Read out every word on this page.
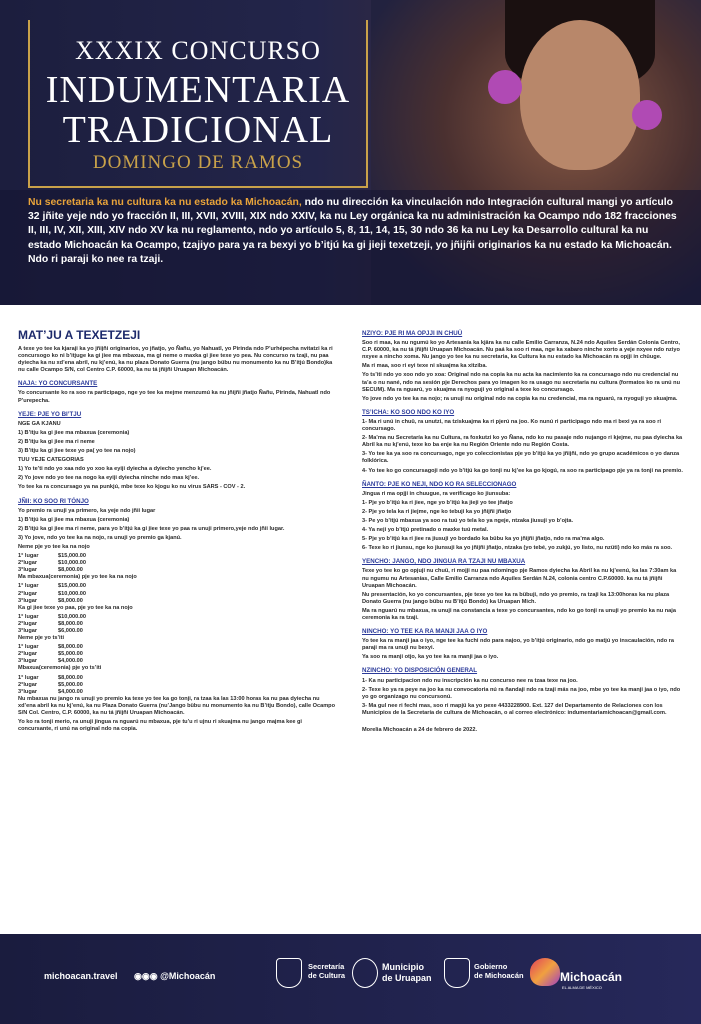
XXXIX CONCURSO
INDUMENTARIA
TRADICIONAL
DOMINGO DE RAMOS
Nu secretaria ka nu cultura ka nu estado ka Michoacán, ndo nu dirección ka vinculación ndo Integración cultural mangi yo artículo 32 jñite yeje ndo yo fracción II, III, XVII, XVIII, XIX ndo XXIV, ka nu Ley orgánica ka nu administración ka Ocampo ndo 182 fracciones II, III, IV, XII, XIII, XIV ndo XV ka nu reglamento, ndo yo artículo 5, 8, 11, 14, 15, 30 ndo 36 ka nu Ley ka Desarrollo cultural ka nu estado Michoacán ka Ocampo, tzajiyo para ya ra bexyi yo b’itjú ka gi jieji texetzeji, yo jñijñi originarios ka nu estado ka Michoacán. Ndo ri paraji ko nee ra tzaji.
MAT’JU A TEXETZEJI
A texe yo tee ka kjaraji ka yo jñijñi originarios, yo jñatjo, yo Ñañu, yo Nahuatl, yo Pirinda ndo P’urhépecha nvitatzi ka ri concursogo ko ni b’itjuge ka gi jiee ma mbaxua, ma gi neme o maxka gi jiee texe yo pea. Nu concurso ra tzaji, nu paa dyiecha ka nu xd’ena abril, nu kj’enú, ka nu plaza Donato Guerra (nu jango bübu nu monumento ka nu B’itjú Bondo)ka nu calle Ocampo S/N, col Centro C.P. 60000, ka nu tá jñijñi Uruapan Michoacán.
NAJA: YO CONCURSANTE
Yo concursante ko ra soo ra participago, nge yo tee ka mejme menzumú ka nu jñijñi jñatjo Ñañu, Pirinda, Nahuatl ndo P’urepecha.
YEJE: PJE YO BI’TJU
NGE GA KJANU
1) B’itju ka gi jiee ma mbaxua (ceremonia)
2) B’itju ka gi jiee ma ri neme
3) B’itju ka gi jiee texe yo pa( yo tee na nojo)
TUU YEJE CATEGORIAS
1) Yo te’ti ndo yo xaa ndo yo xoo ka eyiji dyiecha a dyiecho yencho kj’ee.
2) Yo jove ndo yo tee na nogo ka eyiji dyiecha ninche ndo mas kj’ee.
Yo tee ka ra concursago ya na punkjú, mbe texe ko kjogu ko nu virus SARS - COV - 2.
JÑII: KO SOO RI TÓNJO
Yo premio ra unuji ya primero, ka yeje ndo jñii lugar
1) B’itjú ka gi jiee ma mbaxua (ceremonia)
2) B’itjú ka gi jiee ma ri neme, para yo b’itjú ka gi jiee texe yo paa ra unuji primero,yeje ndo jñii lugar.
3) Yo jove, ndo yo tee ka na nojo, ra unuji yo premio ga kjanú.
Neme pje yo tee ka na nojo
1° lugar	$15,000.00
2°lugar	$10,000.00
3°lugar	$8,000.00
Ma mbaxua(ceremonia) pje yo tee ka na nojo
1° lugar	$15,000.00
2°lugar	$10,000.00
3°lugar	$8,000.00
Ka gi jiee texe yo paa, pje yo tee ka na nojo
1° lugar	$10,000.00
2°lugar	$8,000.00
3°lugar	$6,000.00
Neme pje yo ts’iti
1° lugar	$8,000.00
2°lugar	$5,000.00
3°lugar	$4,000.00
Mbaxua(ceremonia) pje yo ts’iti
1° lugar	$8,000.00
2°lugar	$5,000.00
3°lugar	$4,000.00
Nu mbaxua nu jango ra unuji yo premio ka texe yo tee ka go tonji, ra tzaa ka las 13:00 horas ka nu paa dyiecha nu xd’ena abril ka nu kj’enú, ka nu Plaza Donato Guerra (nu’Jango bübu nu monumento ka nu B’itju Bondo), calle Ocampo S/N Col. Centro, C.P. 60000, ka nu tá jñijñi Uruapan Michoacán.
Yo ko ra tonji merio, ra unuji jingua ra nguarú nu mbaxua, pje tu’u ri ujnu ri skuajma nu jango majma kee gi concursante, ri unú na original ndo na copia.
NZIYO: PJE RI MA OPJJI IN CHUÜ
Soo ri maa, ka nu ngumú ko yo Artesanía ka kjära ka nu calle Emilio Carranza, N.24 ndo Aquiles Serdán Colonia Centro, C.P. 60000, ka nu tá jñijñi Uruapan Michoacán. Nu paá ka soo ri maa, nge ka xabaro ninche xorto a yeje nxyee ndo nziyo nxyee a nincho xoma. Nu jango yo tee ka nu secretaria, ka Cultura ka nu estado ka Michoacán ra opjji in chüuge.
Ma ri maa, soo ri eyi texe ni skuajma ka xitziba.
Yo ts’iti ndo yo xoo ndo yo xoa: Original ndo na copia ka nu acta ka nacimiento ka ra concursago ndo nu credencial nu ta’a o nu nané, ndo na sesión pje Derechos para yo imagen ko ra usago nu secretaria nu cultura (formatos ko ra unú nu SECUM). Ma ra nguarú, yo skuajma ra nyoguji yo original a texe ko concursago.
Yo jove ndo yo tee ka na nojo; ra unuji nu original ndo na copia ka nu credencial, ma ra nguarú, ra nyoguji yo skuajma.
TS’ICHA: KO SOO NDO KO IYO
1- Ma ri unú in chuü, ra unutzi, na tziskuajma ka ri pjerú na joo. Ko nunú ri participago ndo ma ri bexi ya ra soo ri concursago.
2- Ma’ma nu Secretaría ka nu Cultura, ra foxkutzi ko yo Ñana, ndo ko nu pasaje ndo nujango ri kjejme, nu paa dyiecha ka Abril ka nu kj’enú, texe ko ba enje ka nu Región Oriente ndo nu Región Costa.
3- Yo tee ka ya soo ra concursago, nge yo coleccionistas pje yo b’itjú ka yo jñijñi, ndo yo grupo académicos o yo danza folklórica.
4- Yo tee ko go concursagoji ndo yo b’itjú ka go tonji nu kj’ee ka go kjogú, ra soo ra participago pje ya ra tonji na premio.
ÑANTO: PJE KO NEJI, NDO KO RA SELECCIONAGO
Jingua ri ma opjji in chuugue, ra verificago ko jiunsuba:
1- Pje yo b’itjú ka ri jiee, nge yo b’itjú ka jieji yo tee jñatjo
2- Pje yo tela ka ri jiejme, nge ko tebuji ka yo jñijñi jñatjo
3- Pe yo b’itjú mbaxua ya soo ra tuú yo tela ko ya ngeje, ntzaka jiusuji yo b’ojta.
4- Ya neji yo b’itjú pretinado o maxke tuú metal.
5- Pje yo b’itjú ka ri jiee ra jiusuji yo bordado ka bübu ka yo jñijñi jñatjo, ndo ra ma’ma algo.
6- Texe ko ri jiunsu, nge ko jiunsuji ka yo jñijñi jñatjo, ntzaka (yo tebé, yo zukjú, yo listo, nu nzüti) ndo ko más ra soo.
YENCHO: JANGO, NDO JINGUA RA TZAJI NU MBAXUA
Texe yo tee ko go opjuji nu chuü, ri mojji nu paa ndomingo pje Ramos dyiecha ka Abril ka nu kj’eenú, ka las 7:30am ka nu ngumu nu Artesanías, Calle Emilio Carranza ndo Aquiles Serdán N.24, colonia centro C.P.60000. ka nu tá jñijñi Uruapan Michoacán.
Nu presentación, ko yo concursantes, pje texe yo tee ka ra bübuji, ndo yo premio, ra tzaji ka 13:00horas ka nu plaza Donato Guerra (nu jango bübu nu B’itjú Bondo) ka Uruapan Mich.
Ma ra nguarú nu mbaxua, ra unuji na constancia a texe yo concursantes, ndo ko go tonji ra unuji yo premio ka nu naja ceremonia ka ra tzaji.
NINCHO: YO TEE KA RA MANJI JAA O IYO
Yo tee ka ra manji jaa o iyo, nge tee ka fuchi ndo para najoo, yo b’itjú originario, ndo go matjú yo inscaulación, ndo ra paraji ma ra unuji nu bexyi.
Ya soo ra manji otjo, ka yo tee ka ra manji jaa o iyo.
NZINCHO: YO DISPOSICIÓN GENERAL
1- Ka nu participacion ndo nu inscripción ka nu concurso nee ra tzaa texe na joo.
2- Texe ko ya ra peye na joo ka nu convocatoria nú ra ñandaji ndo ra tzaji más na joo, mbe yo tee ka manji jaa o iyo, ndo yo go organizago nu concursonú.
3- Ma gul nee ri fechi mas, soo ri mapjü ka yo pexe 4433228900. Ext. 127 del Departamento de Relaciones con los Municipios de la Secretaría de cultura de Michoacán, o al correo electrónico: indumentariamichoacan@gmail.com.
Morelia Michoacán a 24 de febrero de 2022.
michoacan.travel ◉◉◉ @Michoacán
Secretaría
de Cultura
Municipio
de Uruapan
Gobierno
de Michoacán	Michoacán
EL ALMA DE MÉXICO
